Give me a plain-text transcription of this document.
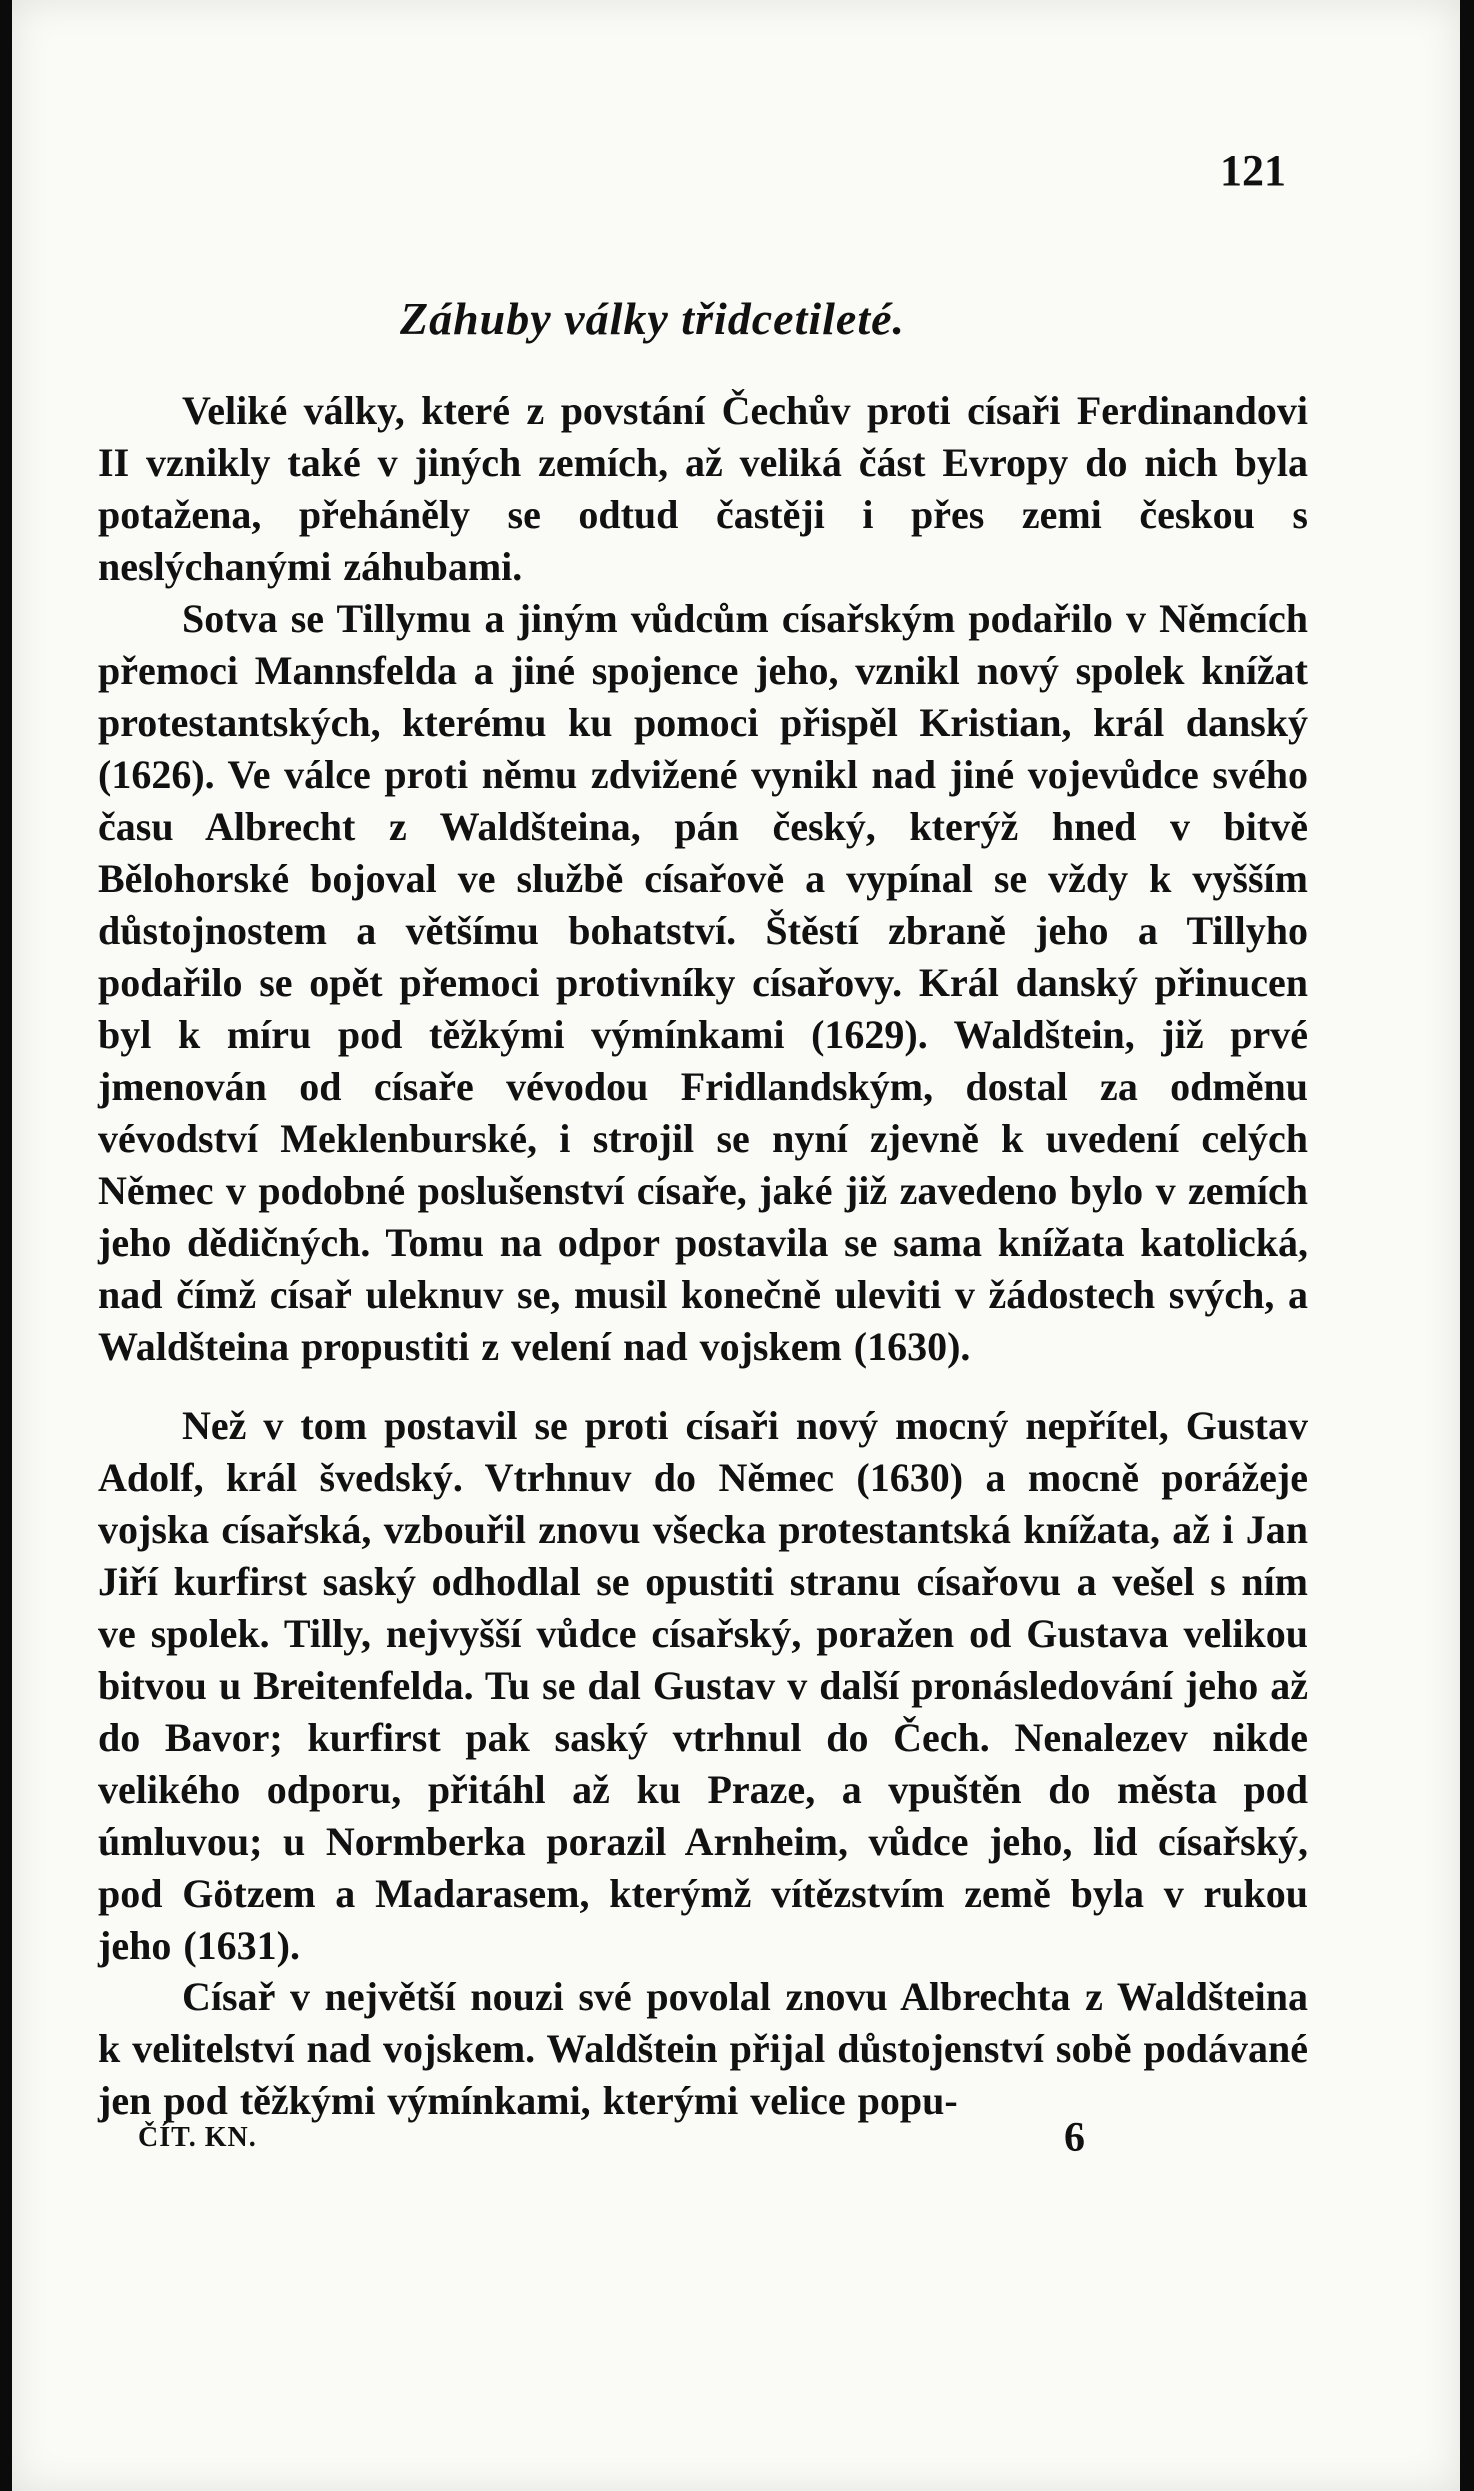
121
Záhuby války třidcetileté.
Veliké války, které z povstání Čechův proti císaři Ferdinandovi II vznikly také v jiných zemích, až veliká část Evropy do nich byla potažena, přeháněly se odtud častěji i přes zemi českou s neslýchanými záhubami.
Sotva se Tillymu a jiným vůdcům císařským podařilo v Němcích přemoci Mannsfelda a jiné spojence jeho, vznikl nový spolek knížat protestantských, kterému ku pomoci přispěl Kristian, král danský (1626). Ve válce proti němu zdvižené vynikl nad jiné vojevůdce svého času Albrecht z Waldšteina, pán český, kterýž hned v bitvě Bělohorské bojoval ve službě císařově a vypínal se vždy k vyšším důstojnostem a většímu bohatství. Štěstí zbraně jeho a Tillyho podařilo se opět přemoci protivníky císařovy. Král danský přinucen byl k míru pod těžkými výmínkami (1629). Waldštein, již prvé jmenován od císaře vévodou Fridlandským, dostal za odměnu vévodství Meklenburské, i strojil se nyní zjevně k uvedení celých Němec v podobné poslušenství císaře, jaké již zavedeno bylo v zemích jeho dědičných. Tomu na odpor postavila se sama knížata katolická, nad čímž císař uleknuv se, musil konečně uleviti v žádostech svých, a Waldšteina propustiti z velení nad vojskem (1630).
Než v tom postavil se proti císaři nový mocný nepřítel, Gustav Adolf, král švedský. Vtrhnuv do Němec (1630) a mocně porážeje vojska císařská, vzbouřil znovu všecka protestantská knížata, až i Jan Jiří kurfirst saský odhodlal se opustiti stranu císařovu a vešel s ním ve spolek. Tilly, nejvyšší vůdce císařský, poražen od Gustava velikou bitvou u Breitenfelda. Tu se dal Gustav v další pronásledování jeho až do Bavor; kurfirst pak saský vtrhnul do Čech. Nenalezev nikde velikého odporu, přitáhl až ku Praze, a vpuštěn do města pod úmluvou; u Normberka porazil Arnheim, vůdce jeho, lid císařský, pod Götzem a Madarasem, kterýmž vítězstvím země byla v rukou jeho (1631).
Císař v největší nouzi své povolal znovu Albrechta z Waldšteina k velitelství nad vojskem. Waldštein přijal důstojenství sobě podávané jen pod těžkými výmínkami, kterými velice popu-
ČÍT. KN.	6
